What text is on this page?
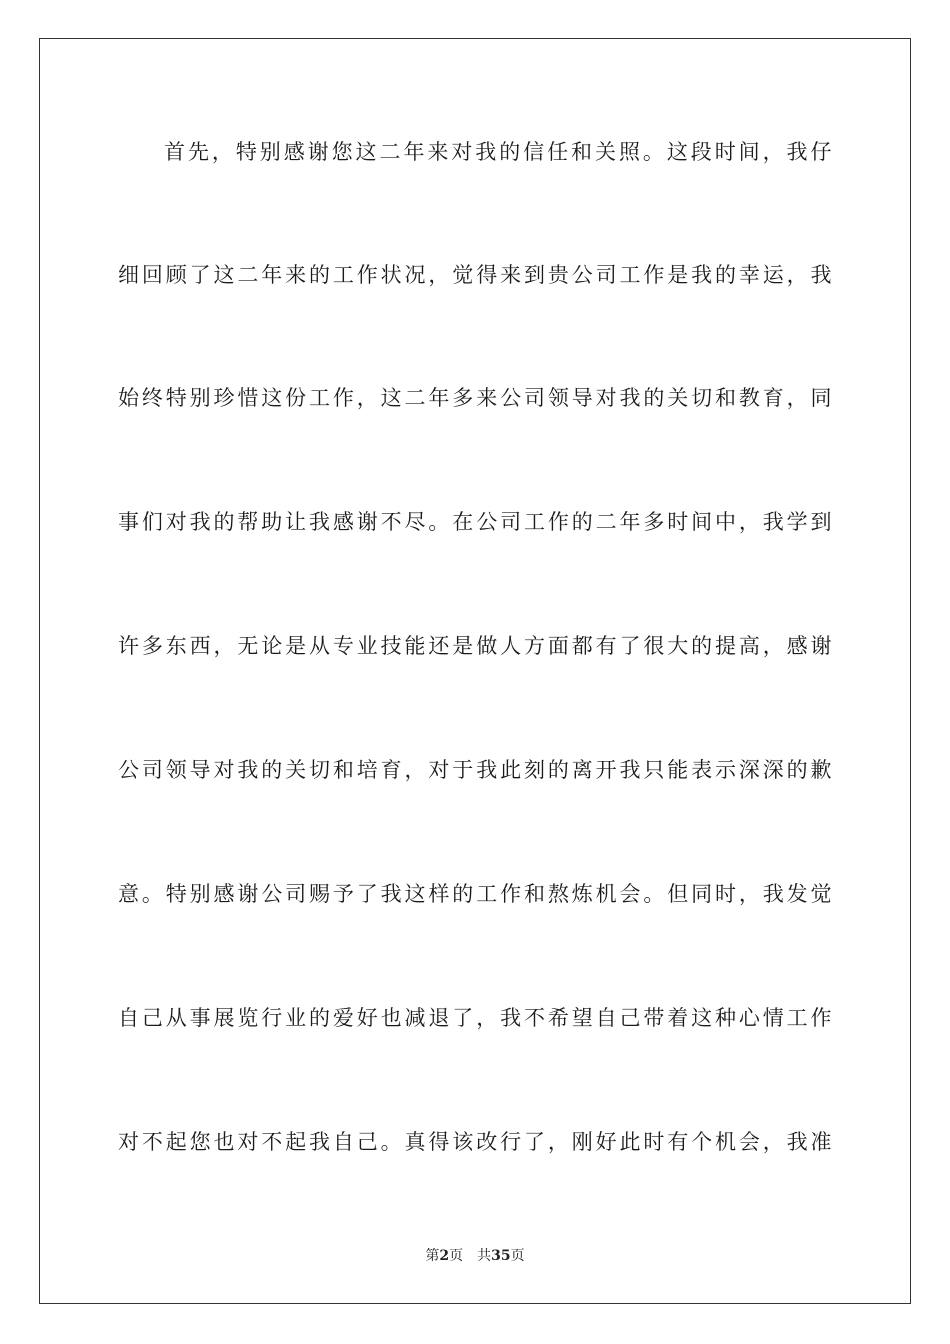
首先，特别感谢您这二年来对我的信任和关照。这段时间，我仔
细回顾了这二年来的工作状况，觉得来到贵公司工作是我的幸运，我
始终特别珍惜这份工作，这二年多来公司领导对我的关切和教育，同
事们对我的帮助让我感谢不尽。在公司工作的二年多时间中，我学到
许多东西，无论是从专业技能还是做人方面都有了很大的提高，感谢
公司领导对我的关切和培育，对于我此刻的离开我只能表示深深的歉
意。特别感谢公司赐予了我这样的工作和熬炼机会。但同时，我发觉
自己从事展览行业的爱好也减退了，我不希望自己带着这种心情工作
对不起您也对不起我自己。真得该改行了，刚好此时有个机会，我准
第2页 共35页
